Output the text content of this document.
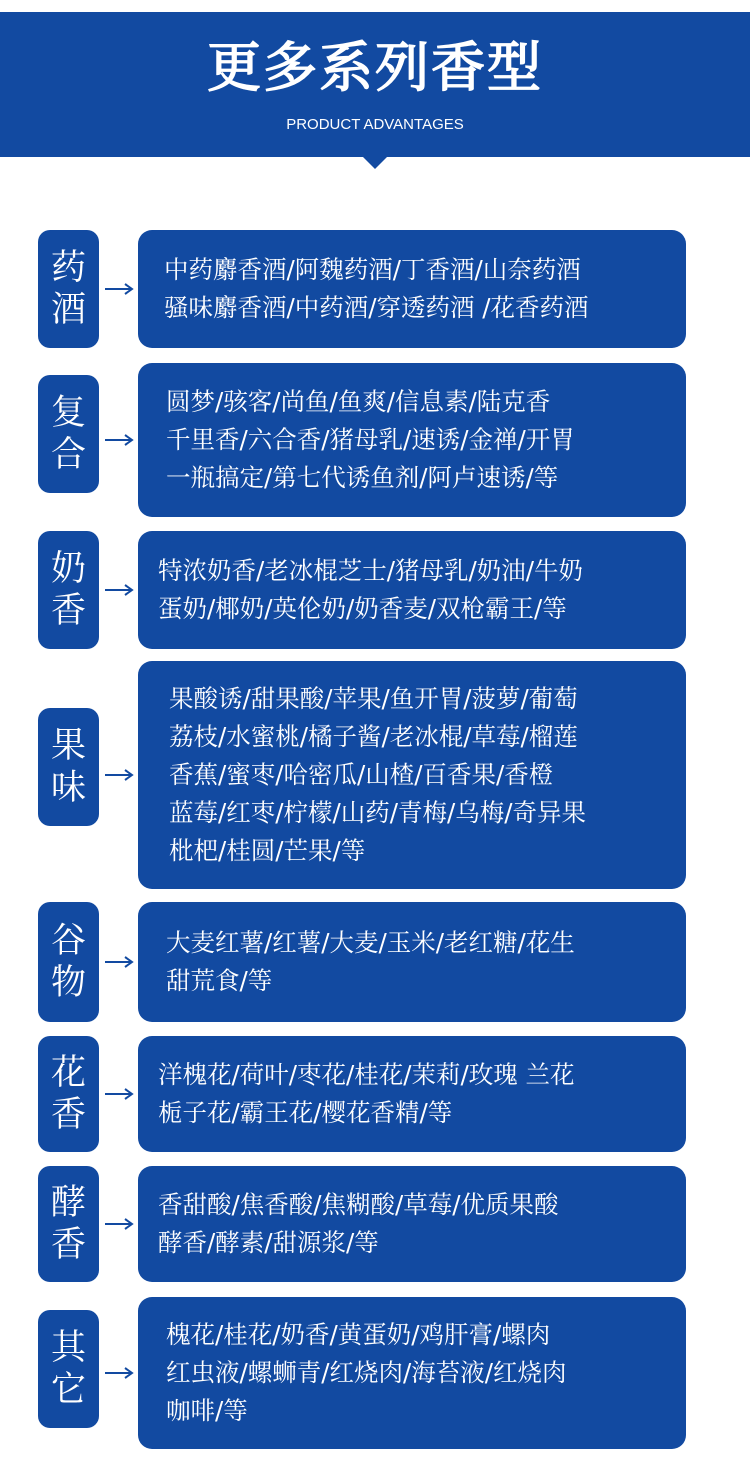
更多系列香型
PRODUCT ADVANTAGES
药
酒
中药麝香酒/阿魏药酒/丁香酒/山奈药酒
骚味麝香酒/中药酒/穿透药酒 /花香药酒
复
合
圆梦/骇客/尚鱼/鱼爽/信息素/陆克香
千里香/六合香/猪母乳/速诱/金禅/开胃
一瓶搞定/第七代诱鱼剂/阿卢速诱/等
奶
香
特浓奶香/老冰棍芝士/猪母乳/奶油/牛奶
蛋奶/椰奶/英伦奶/奶香麦/双枪霸王/等
果
味
果酸诱/甜果酸/苹果/鱼开胃/菠萝/葡萄
荔枝/水蜜桃/橘子酱/老冰棍/草莓/榴莲
香蕉/蜜枣/哈密瓜/山楂/百香果/香橙
蓝莓/红枣/柠檬/山药/青梅/乌梅/奇异果
枇杷/桂圆/芒果/等
谷
物
大麦红薯/红薯/大麦/玉米/老红糖/花生
甜荒食/等
花
香
洋槐花/荷叶/枣花/桂花/茉莉/玫瑰 兰花
栀子花/霸王花/樱花香精/等
酵
香
香甜酸/焦香酸/焦糊酸/草莓/优质果酸
酵香/酵素/甜源浆/等
其
它
槐花/桂花/奶香/黄蛋奶/鸡肝膏/螺肉
红虫液/螺蛳青/红烧肉/海苔液/红烧肉
咖啡/等
